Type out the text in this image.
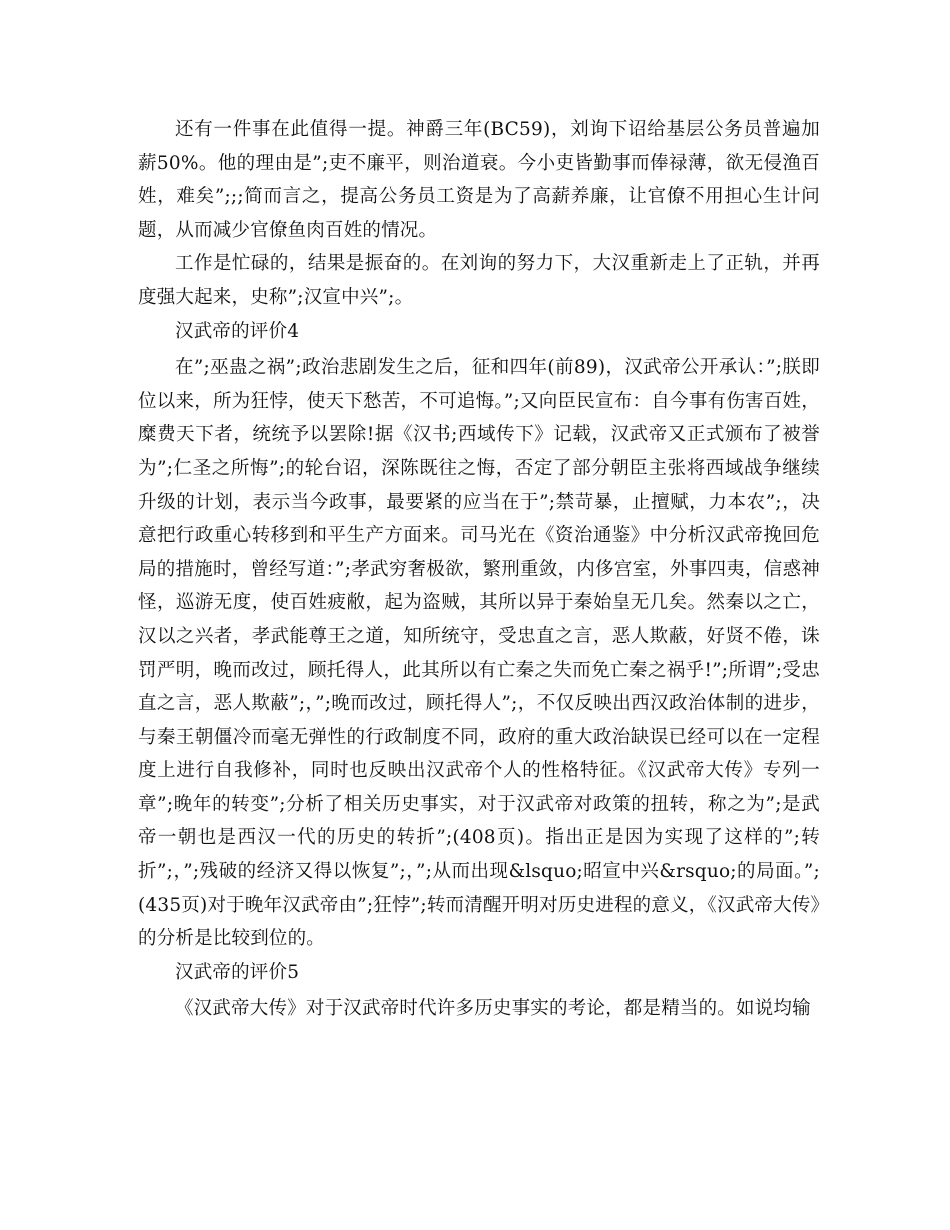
还有一件事在此值得一提。神爵三年(BC59)，刘询下诏给基层公务员普遍加薪50%。他的理由是”;吏不廉平，则治道衰。今小吏皆勤事而俸禄薄，欲无侵渔百姓，难矣”;;;简而言之，提高公务员工资是为了高薪养廉，让官僚不用担心生计问题，从而减少官僚鱼肉百姓的情况。

工作是忙碌的，结果是振奋的。在刘询的努力下，大汉重新走上了正轨，并再度强大起来，史称”;汉宣中兴”;。

汉武帝的评价4

在”;巫蛊之祸”;政治悲剧发生之后，征和四年(前89)，汉武帝公开承认：”;朕即位以来，所为狂悖，使天下愁苦，不可追悔。”;又向臣民宣布：自今事有伤害百姓，糜费天下者，统统予以罢除!据《汉书;西域传下》记载，汉武帝又正式颁布了被誉为”;仁圣之所悔”;的轮台诏，深陈既往之悔，否定了部分朝臣主张将西域战争继续升级的计划，表示当今政事，最要紧的应当在于”;禁苛暴，止擅赋，力本农”;，决意把行政重心转移到和平生产方面来。司马光在《资治通鉴》中分析汉武帝挽回危局的措施时，曾经写道：”;孝武穷奢极欲，繁刑重敛，内侈宫室，外事四夷，信惑神怪，巡游无度，使百姓疲敝，起为盗贼，其所以异于秦始皇无几矣。然秦以之亡，汉以之兴者，孝武能尊王之道，知所统守，受忠直之言，恶人欺蔽，好贤不倦，诛罚严明，晚而改过，顾托得人，此其所以有亡秦之失而免亡秦之祸乎!”;所谓”;受忠直之言，恶人欺蔽”;，”;晚而改过，顾托得人”;，不仅反映出西汉政治体制的进步，与秦王朝僵冷而毫无弹性的行政制度不同，政府的重大政治缺误已经可以在一定程度上进行自我修补，同时也反映出汉武帝个人的性格特征。《汉武帝大传》专列一章”;晚年的转变”;分析了相关历史事实，对于汉武帝对政策的扭转，称之为”;是武帝一朝也是西汉一代的历史的转折”;(408页)。指出正是因为实现了这样的”;转折”;，”;残破的经济又得以恢复”;，”;从而出现&lsquo;昭宣中兴&rsquo;的局面。”;(435页)对于晚年汉武帝由”;狂悖”;转而清醒开明对历史进程的意义，《汉武帝大传》的分析是比较到位的。

汉武帝的评价5

《汉武帝大传》对于汉武帝时代许多历史事实的考论，都是精当的。如说均输
